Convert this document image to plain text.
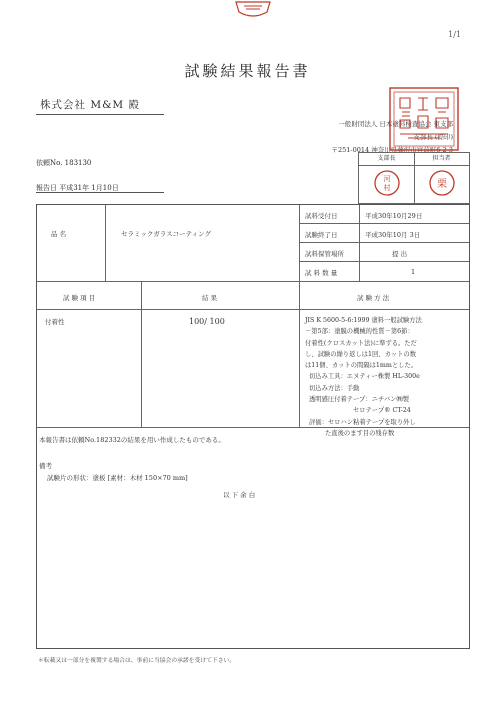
1/1
試験結果報告書
株式会社 M&M 殿
一般財団法人 日本塗料検査協会 東支部
支部長 (捺印)
〒251-0014 神奈川県藤沢市宮前町6-2-3
依頼No. 183130
報告日 平成31年 1月10日
支部長	担当者
河
村	栗
品 名	セラミックガラスコーティング
試料受付日	平成30年10月29日
試験終了日	平成30年10月 3日
試料保管場所	提 出
試 料 数 量	1
試 験 項 目	結 果	試 験 方 法
付着性	100/ 100	JIS K 5600-5-6:1999 塗料一般試験方法
－第5部：塗膜の機械的性質－第6節：
付着性(クロスカット法)に準ずる。ただ
し、試験の繰り返しは1回、カットの数
は11個、カットの間隔は1mmとした。
切込み工具：エヌティー株製 HL-300e
切込み方法：手動
透明感圧付着テープ：ニチバン㈱製
セロテープ® CT-24
評価：セロハン粘着テープを取り外し
た直後のます目の残存数
本報告書は依頼No.182332の結果を用い作成したものである。
備考
試験片の形状：塗板 [素材：木材 150×70 mm]
以 下 余 白
＊転載又は一部分を複製する場合は、事前に当協会の承諾を受けて下さい。
